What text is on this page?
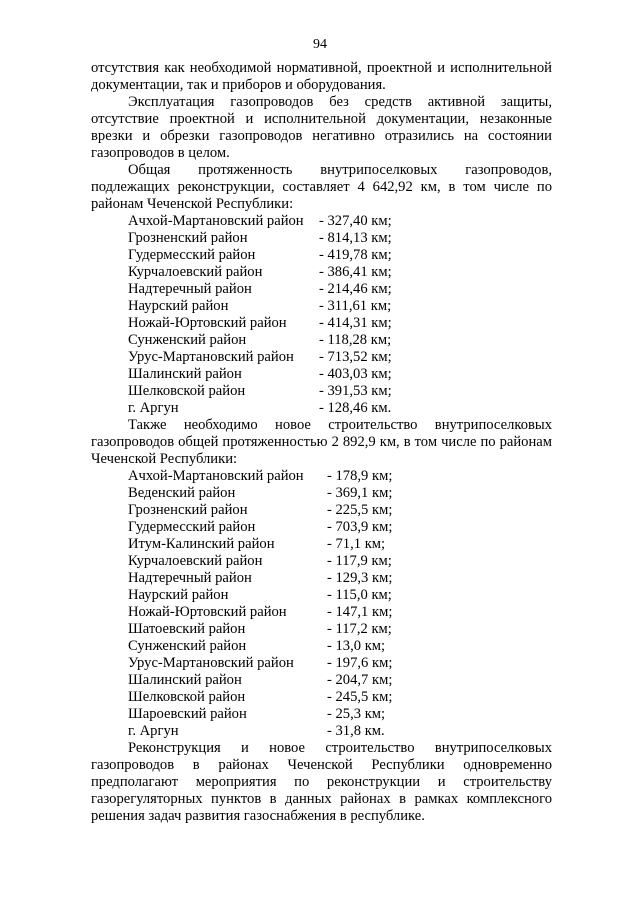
94

отсутствия как необходимой нормативной, проектной и исполнительной документации, так и приборов и оборудования.

Эксплуатация газопроводов без средств активной защиты, отсутствие проектной и исполнительной документации, незаконные врезки и обрезки газопроводов негативно отразились на состоянии газопроводов в целом.

Общая протяженность внутрипоселковых газопроводов, подлежащих реконструкции, составляет 4 642,92 км, в том числе по районам Чеченской Республики:

Ачхой-Мартановский район - 327,40 км;
Грозненский район	- 814,13 км;
Гудермесский район	- 419,78 км;
Курчалоевский район	- 386,41 км;
Надтеречный район	- 214,46 км;
Наурский район	- 311,61 км;
Ножай-Юртовский район - 414,31 км;
Сунженский район	- 118,28 км;
Урус-Мартановский район - 713,52 км;
Шалинский район	- 403,03 км;
Шелковской район	- 391,53 км;
г. Аргун	- 128,46 км.

Также необходимо новое строительство внутрипоселковых газопроводов общей протяженностью 2 892,9 км, в том числе по районам Чеченской Республики:

Ачхой-Мартановский район - 178,9 км;
Веденский район	- 369,1 км;
Грозненский район	- 225,5 км;
Гудермесский район	- 703,9 км;
Итум-Калинский район	- 71,1 км;
Курчалоевский район	- 117,9 км;
Надтеречный район	- 129,3 км;
Наурский район	- 115,0 км;
Ножай-Юртовский район	- 147,1 км;
Шатоевский район	- 117,2 км;
Сунженский район	- 13,0 км;
Урус-Мартановский район - 197,6 км;
Шалинский район	- 204,7 км;
Шелковской район	- 245,5 км;
Шароевский район	- 25,3 км;
г. Аргун	- 31,8 км.

Реконструкция и новое строительство внутрипоселковых газопроводов в районах Чеченской Республики одновременно предполагают мероприятия по реконструкции и строительству газорегуляторных пунктов в данных районах в рамках комплексного решения задач развития газоснабжения в республике.
